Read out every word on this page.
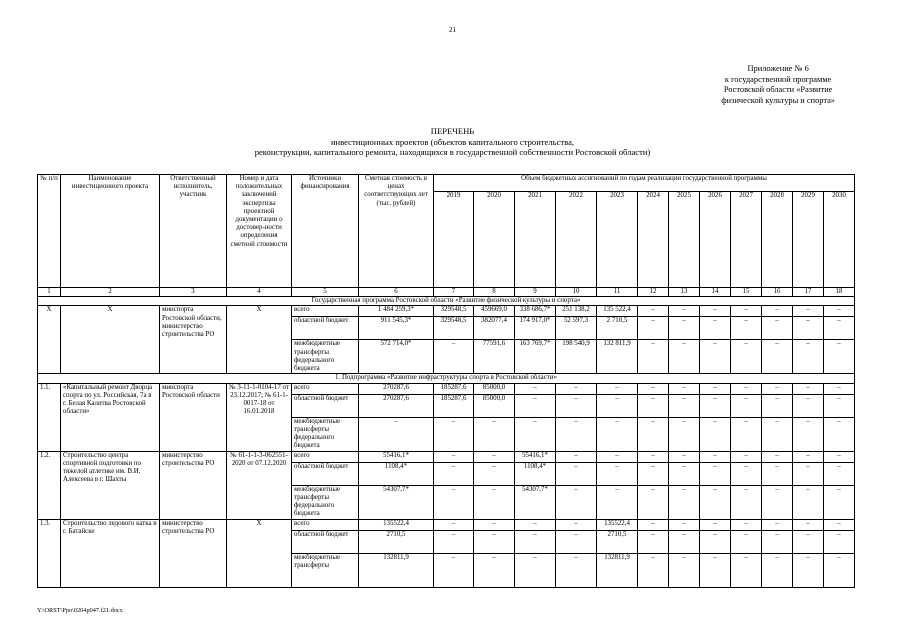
21
Приложение № 6
к государственной программе
Ростовской области «Развитие
физической культуры и спорта»
ПЕРЕЧЕНЬ
инвестиционных проектов (объектов капитального строительства,
реконструкции, капитального ремонта, находящихся в государственной собственности Ростовской области)
№ п/п	Наименование инвестиционного проекта	Ответственный исполнитель, участник	Номер и дата положительных заключений экспертизы проектной документации о достовер-ности определения сметной стоимости	Источники финансирования	Сметная стоимость в ценах соответствующих лет (тыс. рублей)	Объем бюджетных ассигнований по годам реализации государственной программы											
						2019	2020	2021	2022	2023	2024	2025	2026	2027	2028	2029	2030
1	2	3	4	5	6	7	8	9	10	11	12	13	14	15	16	17	18
Государственная программа Ростовской области «Развитие физической культуры и спорта»																	
Х	Х	минспорта Ростовской области, министерство строительства РО	Х	всего	1 484 259,3*	329548,5	459669,0	338 686,7*	251 138,2	135 522,4	–	–	–	–	–	–	–
				областной бюджет	911 545,3*	329548,5	382077,4	174 917,0*	52 597,3	2 710,5	–	–	–	–	–	–	–
				межбюджетные трансферты федерального бюджета	572 714,0*	–	77591,6	163 769,7*	198 540,9	132 811,9	–	–	–	–	–	–	–
1. Подпрограмма «Развитие инфраструктуры спорта в Ростовской области»																	
1.1.	«Капитальный ремонт Дворца спорта по ул. Российская, 7а в г. Белая Калитва Ростовской области»	минспорта Ростовской области	№ 3-11-1-0104-17 от 23.12.2017; № 61-1-0017-18 от 16.01.2018	всего	270287,6	185287,6	85000,0	–	–	–	–	–	–	–	–	–	–
				областной бюджет	270287,6	185287,6	85000,0	–	–	–	–	–	–	–	–	–	–
				межбюджетные трансферты федерального бюджета	–	–	–	–	–	–	–	–	–	–	–	–	–
1.2.	Строительство центра спортивной подготовки по тяжелой атлетике им. В.И. Алексеева в г. Шахты	министерство строительства РО	№ 61-1-1-3-062551-2020 от 07.12.2020	всего	55416,1*	–	–	55416,1*	–	–	–	–	–	–	–	–	–
				областной бюджет	1108,4*	–	–	1108,4*	–	–	–	–	–	–	–	–	–
				межбюджетные трансферты федерального бюджета	54307,7*	–	–	54307,7*	–	–	–	–	–	–	–	–	–
1.3.	Строительство ледового катка в г. Батайске	министерство строительства РО	Х	всего	135522,4	–	–	–	–	135522,4	–	–	–	–	–	–	–
				областной бюджет	2710,5	–	–	–	–	2710,5	–	–	–	–	–	–	–
				межбюджетные трансферты	132811,9	–	–	–	–	132811,9	–	–	–	–	–	–	–
Y:\ORST\Ppo\0204p047.f21.docx
